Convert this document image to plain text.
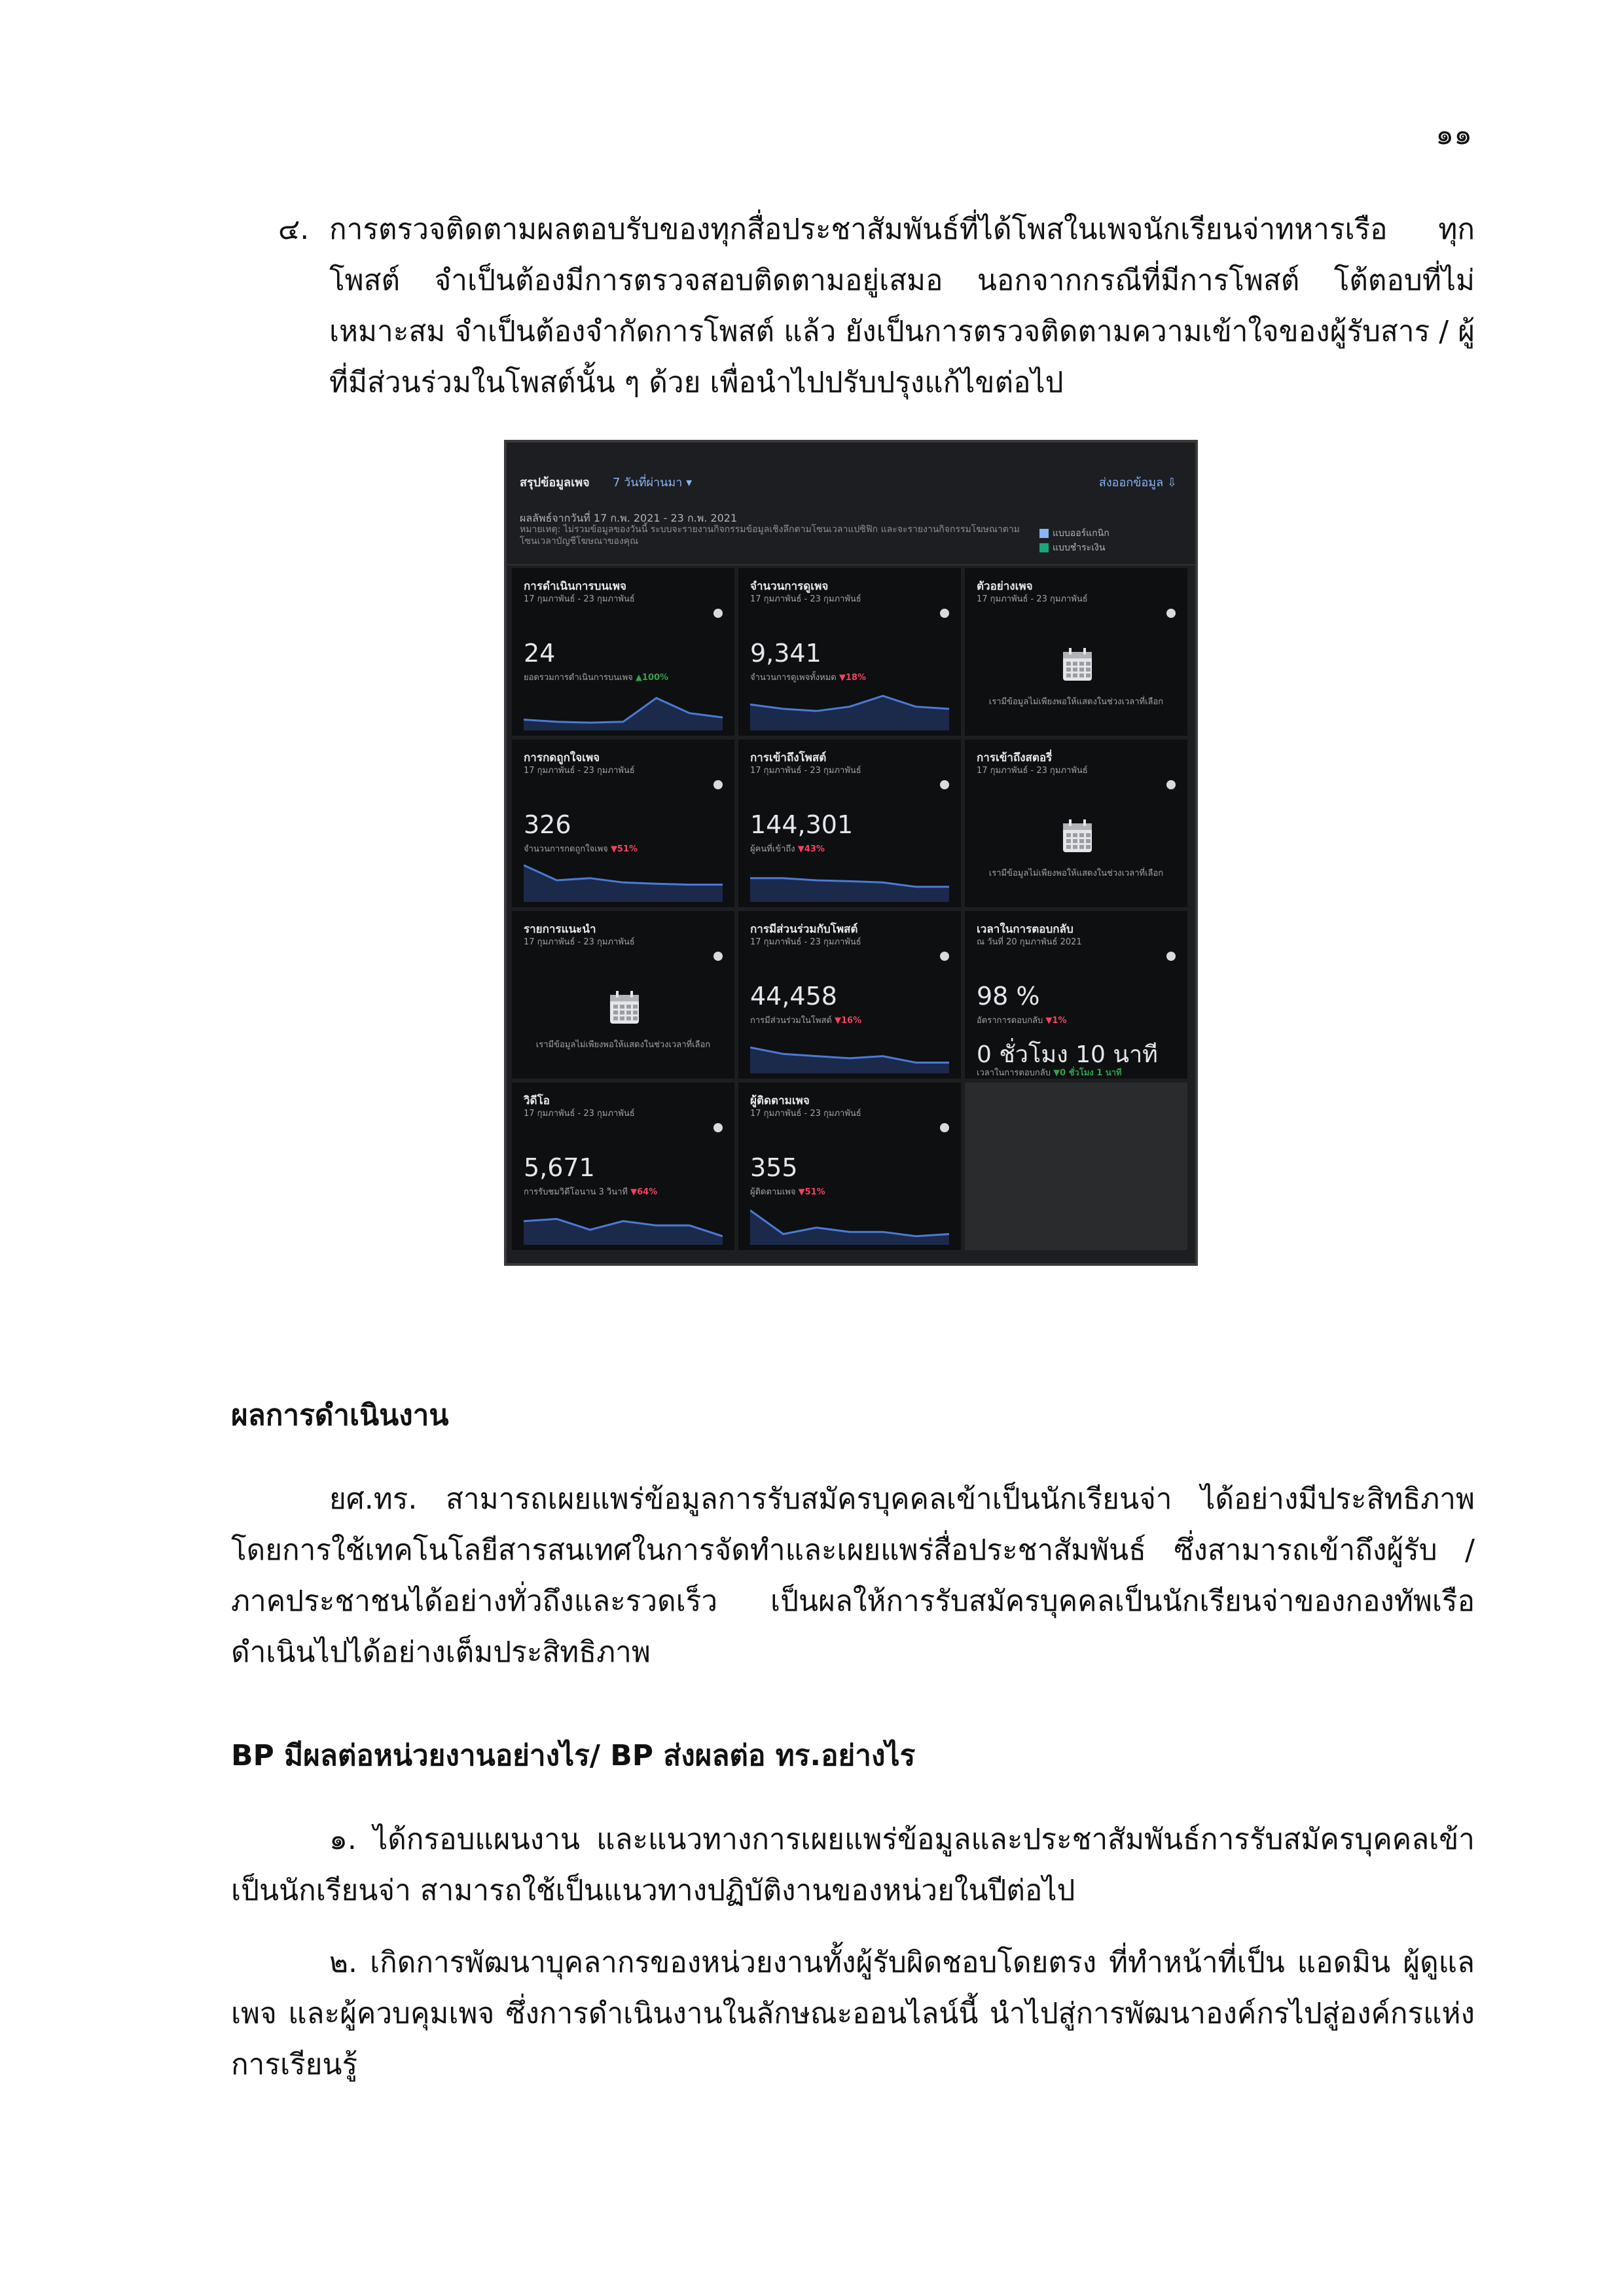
๑๑
๔. การตรวจติดตามผลตอบรับของทุกสื่อประชาสัมพันธ์ที่ได้โพสในเพจนักเรียนจ่าทหารเรือ ทุกโพสต์ จำเป็นต้องมีการตรวจสอบติดตามอยู่เสมอ นอกจากกรณีที่มีการโพสต์ โต้ตอบที่ไม่เหมาะสม จำเป็นต้องจำกัดการโพสต์ แล้ว ยังเป็นการตรวจติดตามความเข้าใจของผู้รับสาร / ผู้ที่มีส่วนร่วมในโพสต์นั้น ๆ ด้วย เพื่อนำไปปรับปรุงแก้ไขต่อไป

สรุปข้อมูลเพจ 7 วันที่ผ่านมา ▾	ส่งออกข้อมูล ⇩
ผลลัพธ์จากวันที่ 17 ก.พ. 2021 - 23 ก.พ. 2021
หมายเหตุ: ไม่รวมข้อมูลของวันนี้ ระบบจะรายงานกิจกรรมข้อมูลเชิงลึกตามโซนเวลาแปซิฟิก และจะรายงานกิจกรรมโฆษณาตามโซนเวลาบัญชีโฆษณาของคุณ
แบบออร์แกนิก
แบบชำระเงิน
การดำเนินการบนเพจ
17 กุมภาพันธ์ - 23 กุมภาพันธ์
24
ยอดรวมการดำเนินการบนเพจ ▲100%
จำนวนการดูเพจ
17 กุมภาพันธ์ - 23 กุมภาพันธ์
9,341
จำนวนการดูเพจทั้งหมด ▼18%
ตัวอย่างเพจ
17 กุมภาพันธ์ - 23 กุมภาพันธ์
เรามีข้อมูลไม่เพียงพอให้แสดงในช่วงเวลาที่เลือก
การกดถูกใจเพจ
17 กุมภาพันธ์ - 23 กุมภาพันธ์
326
จำนวนการกดถูกใจเพจ ▼51%
การเข้าถึงโพสต์
17 กุมภาพันธ์ - 23 กุมภาพันธ์
144,301
ผู้คนที่เข้าถึง ▼43%
การเข้าถึงสตอรี่
17 กุมภาพันธ์ - 23 กุมภาพันธ์
เรามีข้อมูลไม่เพียงพอให้แสดงในช่วงเวลาที่เลือก
รายการแนะนำ
17 กุมภาพันธ์ - 23 กุมภาพันธ์
เรามีข้อมูลไม่เพียงพอให้แสดงในช่วงเวลาที่เลือก
การมีส่วนร่วมกับโพสต์
17 กุมภาพันธ์ - 23 กุมภาพันธ์
44,458
การมีส่วนร่วมในโพสต์ ▼16%
เวลาในการตอบกลับ
ณ วันที่ 20 กุมภาพันธ์ 2021
98 %
อัตราการตอบกลับ ▼1%
0 ชั่วโมง 10 นาที
เวลาในการตอบกลับ ▼0 ชั่วโมง 1 นาที
วิดีโอ
17 กุมภาพันธ์ - 23 กุมภาพันธ์
5,671
การรับชมวิดีโอนาน 3 วินาที ▼64%
ผู้ติดตามเพจ
17 กุมภาพันธ์ - 23 กุมภาพันธ์
355
ผู้ติดตามเพจ ▼51%
ผลการดำเนินงาน

ยศ.ทร. สามารถเผยแพร่ข้อมูลการรับสมัครบุคคลเข้าเป็นนักเรียนจ่า ได้อย่างมีประสิทธิภาพ โดยการใช้เทคโนโลยีสารสนเทศในการจัดทำและเผยแพร่สื่อประชาสัมพันธ์ ซึ่งสามารถเข้าถึงผู้รับ / ภาคประชาชนได้อย่างทั่วถึงและรวดเร็ว เป็นผลให้การรับสมัครบุคคลเป็นนักเรียนจ่าของกองทัพเรือ ดำเนินไปได้อย่างเต็มประสิทธิภาพ

BP มีผลต่อหน่วยงานอย่างไร/ BP ส่งผลต่อ ทร.อย่างไร

๑. ได้กรอบแผนงาน และแนวทางการเผยแพร่ข้อมูลและประชาสัมพันธ์การรับสมัครบุคคลเข้าเป็นนักเรียนจ่า สามารถใช้เป็นแนวทางปฏิบัติงานของหน่วยในปีต่อไป

๒. เกิดการพัฒนาบุคลากรของหน่วยงานทั้งผู้รับผิดชอบโดยตรง ที่ทำหน้าที่เป็น แอดมิน ผู้ดูแลเพจ และผู้ควบคุมเพจ ซึ่งการดำเนินงานในลักษณะออนไลน์นี้ นำไปสู่การพัฒนาองค์กรไปสู่องค์กรแห่งการเรียนรู้
